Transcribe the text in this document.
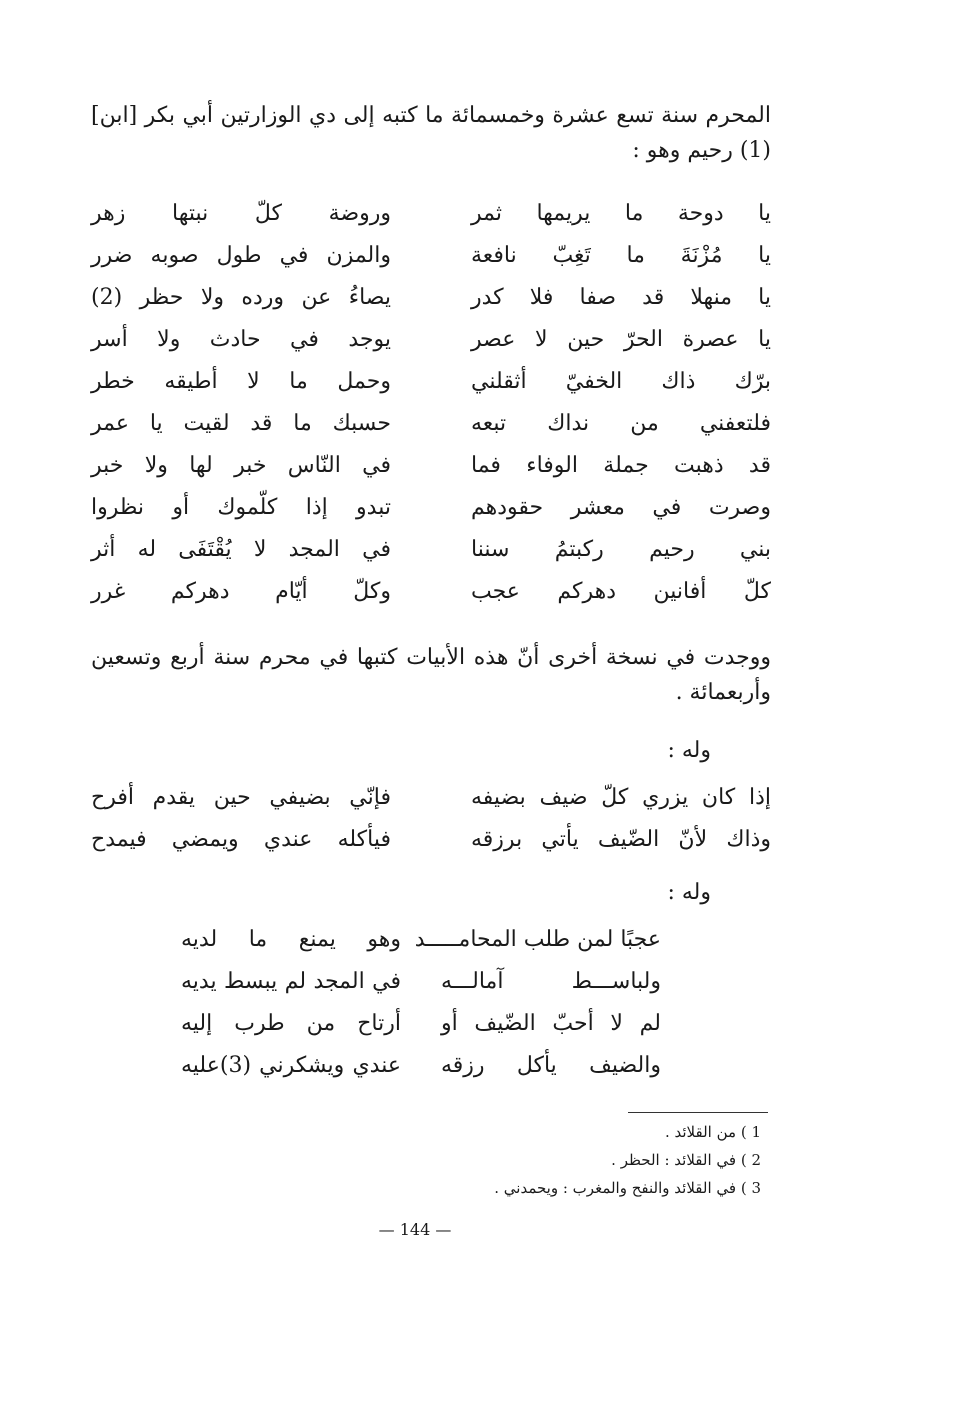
المحرم سنة تسع عشرة وخمسمائة ما كتبه إلى دي الوزارتين أبي بكر [ابن] (1) رحيم وهو :
يا دوحة ما يريمها ثمر
وروضة كلّ نبتها زهر
يا مُزْنَةَ ما تَغِبّ نافعة
والمزن في طول صوبه ضرر
يا منهلا قد صفا فلا كدر
يصاءُ عن ورده ولا حظر (2)
يا عصرة الحرّ حين لا عصر
يوجد في حادث ولا أسر
برّك ذاك الخفيّ أثقلني
وحمل ما لا أطيقه خطر
فلتعفني من نداك تبعه
حسبك ما قد لقيت يا عمر
قد ذهبت جملة الوفاء فما
في النّاس خبر لها ولا خبر
وصرت في معشر حقودهم
تبدو إذا كلّموك أو نظروا
بني رحيم ركبتمُ سننا
في المجد لا يُقْتَفَى له أثر
كلّ أفانين دهركم عجب
وكلّ أيّام دهركم غرر
ووجدت في نسخة أخرى أنّ هذه الأبيات كتبها في محرم سنة أربع وتسعين وأربعمائة .
وله :
إذا كان يزري كلّ ضيف بضيفه
فإنّي بضيفي حين يقدم أفرح
وذاك لأنّ الضّيف يأتي برزقه
فيأكله عندي ويمضي فيمدح
وله :
عجبًا لمن طلب المحامـــــد
وهو يمنع ما لديه
ولباســـط آمالـــه
في المجد لم يبسط يديه
لم لا أحبّ الضّيف أو
أرتاح من طرب إليه
والضيف يأكل رزقه
عندي ويشكرني (3)عليه
1 ) من القلائد .
2 ) في القلائد : الحظر .
3 ) في القلائد والنفح والمغرب : ويحمدني .
— 144 —
